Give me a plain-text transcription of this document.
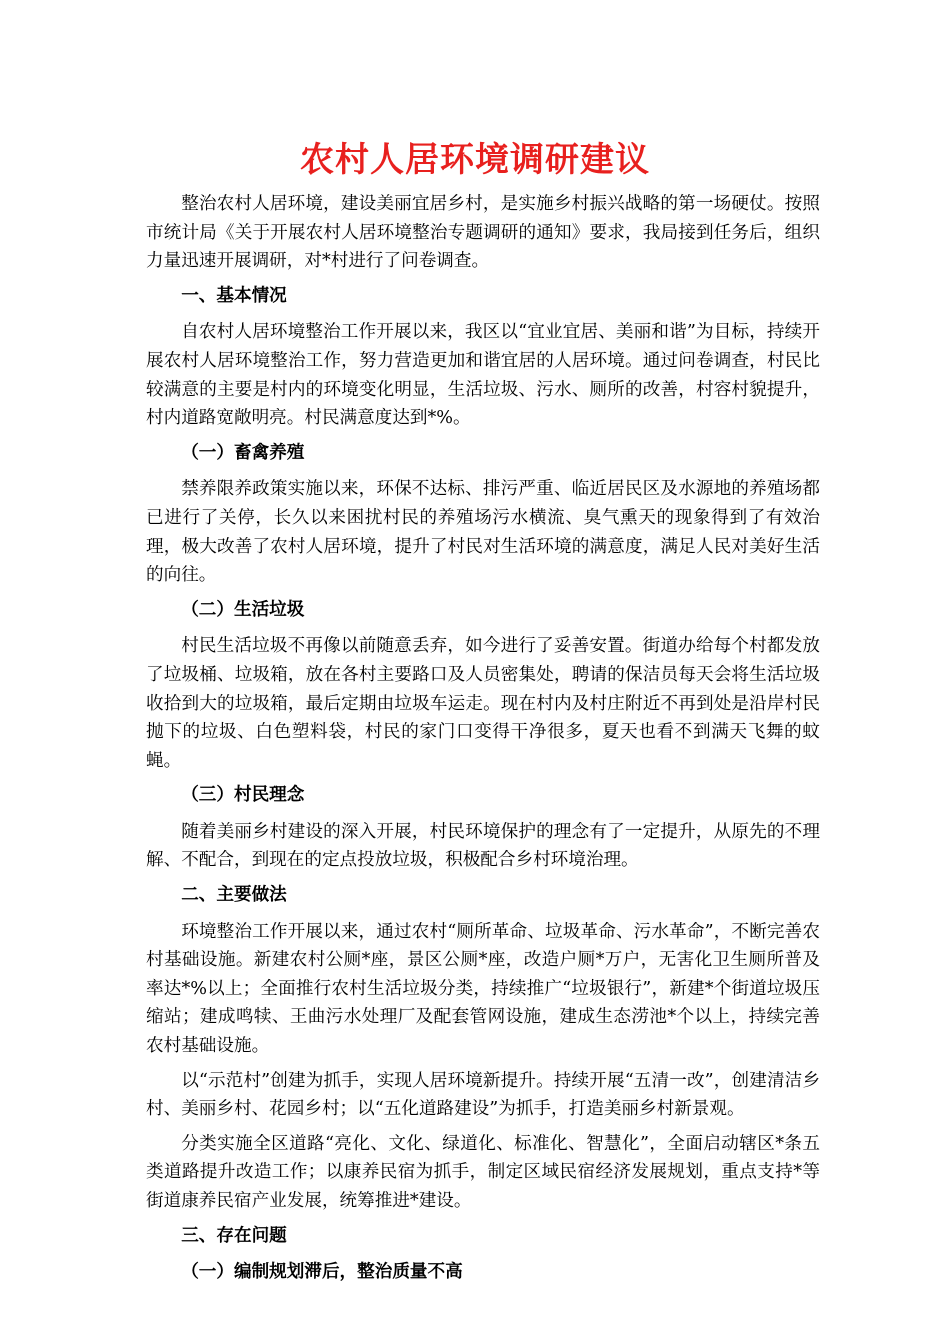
农村人居环境调研建议
整治农村人居环境，建设美丽宜居乡村，是实施乡村振兴战略的第一场硬仗。按照市统计局《关于开展农村人居环境整治专题调研的通知》要求，我局接到任务后，组织力量迅速开展调研，对*村进行了问卷调查。
一、基本情况
自农村人居环境整治工作开展以来，我区以“宜业宜居、美丽和谐”为目标，持续开展农村人居环境整治工作，努力营造更加和谐宜居的人居环境。通过问卷调查，村民比较满意的主要是村内的环境变化明显，生活垃圾、污水、厕所的改善，村容村貌提升，村内道路宽敞明亮。村民满意度达到*%。
（一）畜禽养殖
禁养限养政策实施以来，环保不达标、排污严重、临近居民区及水源地的养殖场都已进行了关停，长久以来困扰村民的养殖场污水横流、臭气熏天的现象得到了有效治理，极大改善了农村人居环境，提升了村民对生活环境的满意度，满足人民对美好生活的向往。
（二）生活垃圾
村民生活垃圾不再像以前随意丢弃，如今进行了妥善安置。街道办给每个村都发放了垃圾桶、垃圾箱，放在各村主要路口及人员密集处，聘请的保洁员每天会将生活垃圾收拾到大的垃圾箱，最后定期由垃圾车运走。现在村内及村庄附近不再到处是沿岸村民抛下的垃圾、白色塑料袋，村民的家门口变得干净很多，夏天也看不到满天飞舞的蚊蝇。
（三）村民理念
随着美丽乡村建设的深入开展，村民环境保护的理念有了一定提升，从原先的不理解、不配合，到现在的定点投放垃圾，积极配合乡村环境治理。
二、主要做法
环境整治工作开展以来，通过农村“厕所革命、垃圾革命、污水革命”，不断完善农村基础设施。新建农村公厕*座，景区公厕*座，改造户厕*万户，无害化卫生厕所普及率达*%以上；全面推行农村生活垃圾分类，持续推广“垃圾银行”，新建*个街道垃圾压缩站；建成鸣犊、王曲污水处理厂及配套管网设施，建成生态涝池*个以上，持续完善农村基础设施。
以“示范村”创建为抓手，实现人居环境新提升。持续开展“五清一改”，创建清洁乡村、美丽乡村、花园乡村；以“五化道路建设”为抓手，打造美丽乡村新景观。
分类实施全区道路“亮化、文化、绿道化、标准化、智慧化”，全面启动辖区*条五类道路提升改造工作；以康养民宿为抓手，制定区域民宿经济发展规划，重点支持*等街道康养民宿产业发展，统筹推进*建设。
三、存在问题
（一）编制规划滞后，整治质量不高
